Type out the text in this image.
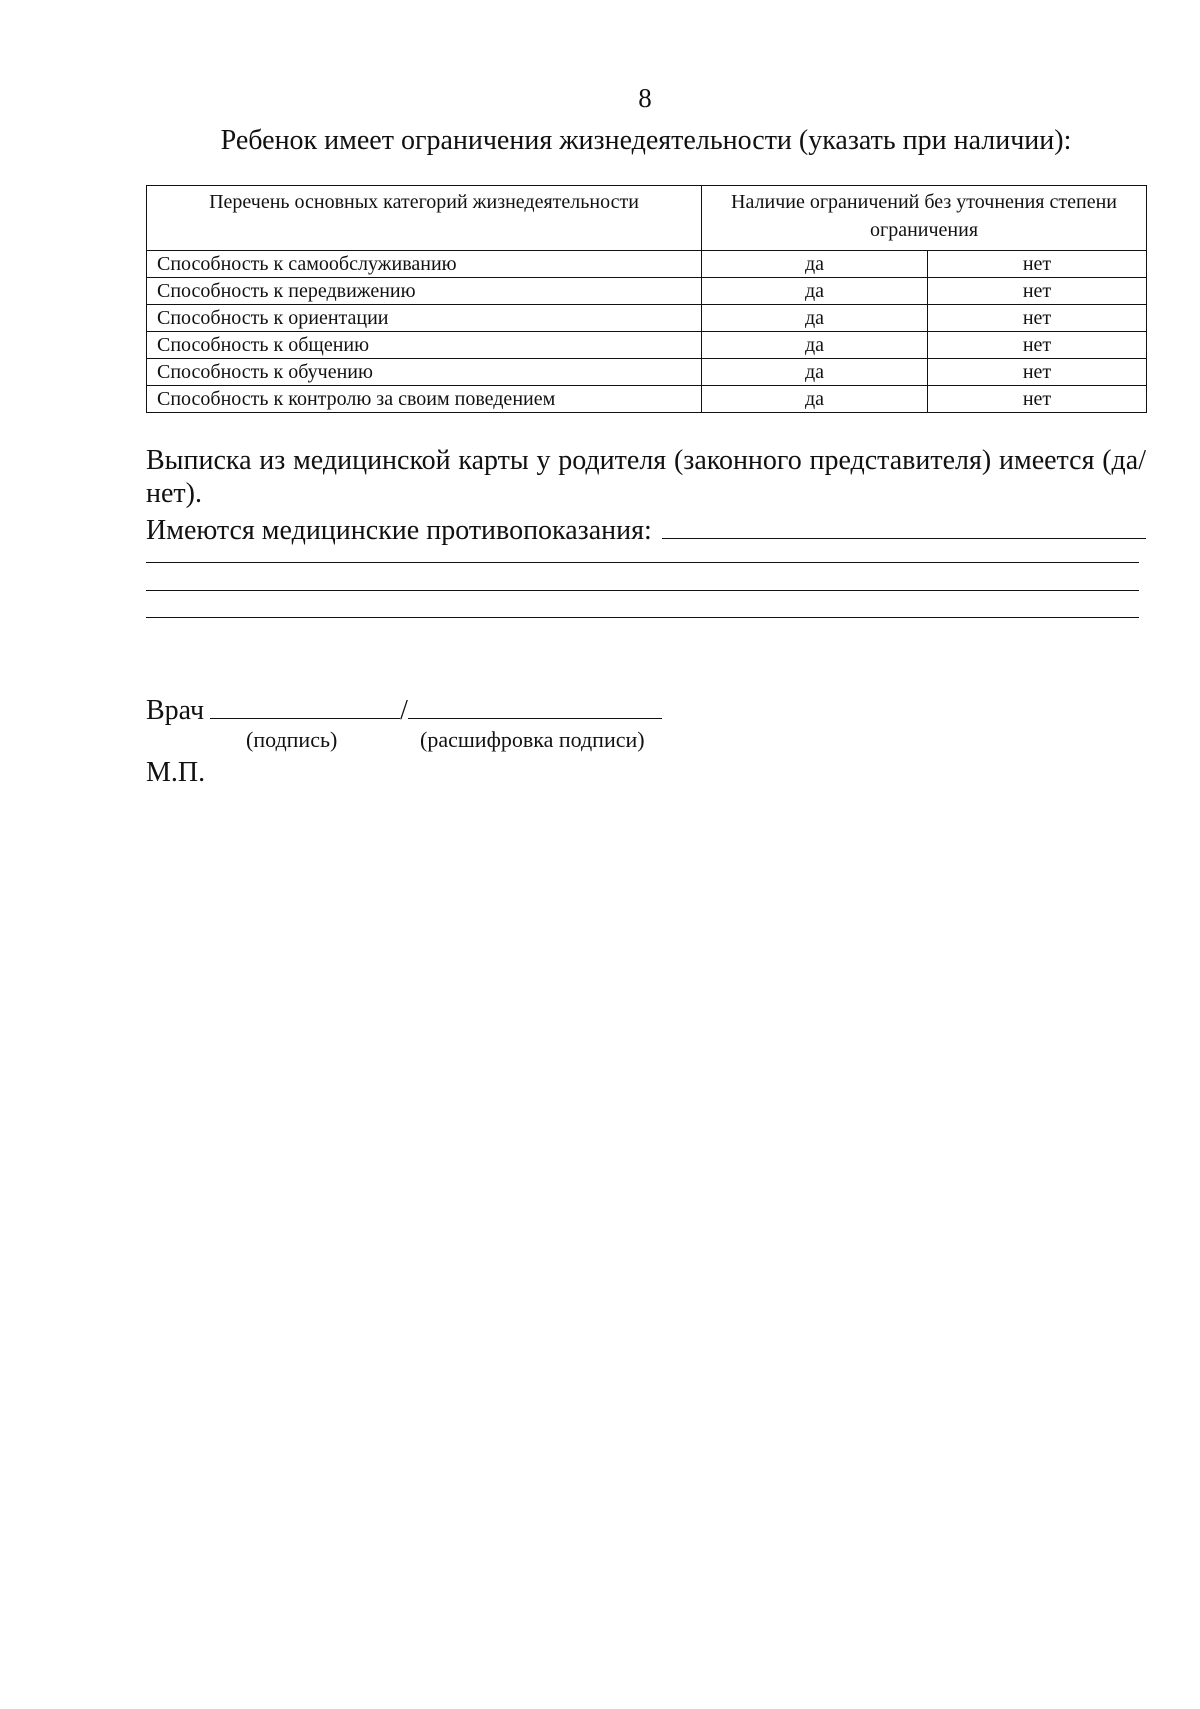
8
Ребенок имеет ограничения жизнедеятельности (указать при наличии):
Перечень основных категорий жизнедеятельности	Наличие ограничений без уточнения степени ограничения	
Способность к самообслуживанию	да	нет
Способность к передвижению	да	нет
Способность к ориентации	да	нет
Способность к общению	да	нет
Способность к обучению	да	нет
Способность к контролю за своим поведением	да	нет
Выписка из медицинской карты у родителя (законного представителя) имеется (да/нет).
Имеются медицинские противопоказания:
Врач	/
(подпись)	(расшифровка подписи)
М.П.
